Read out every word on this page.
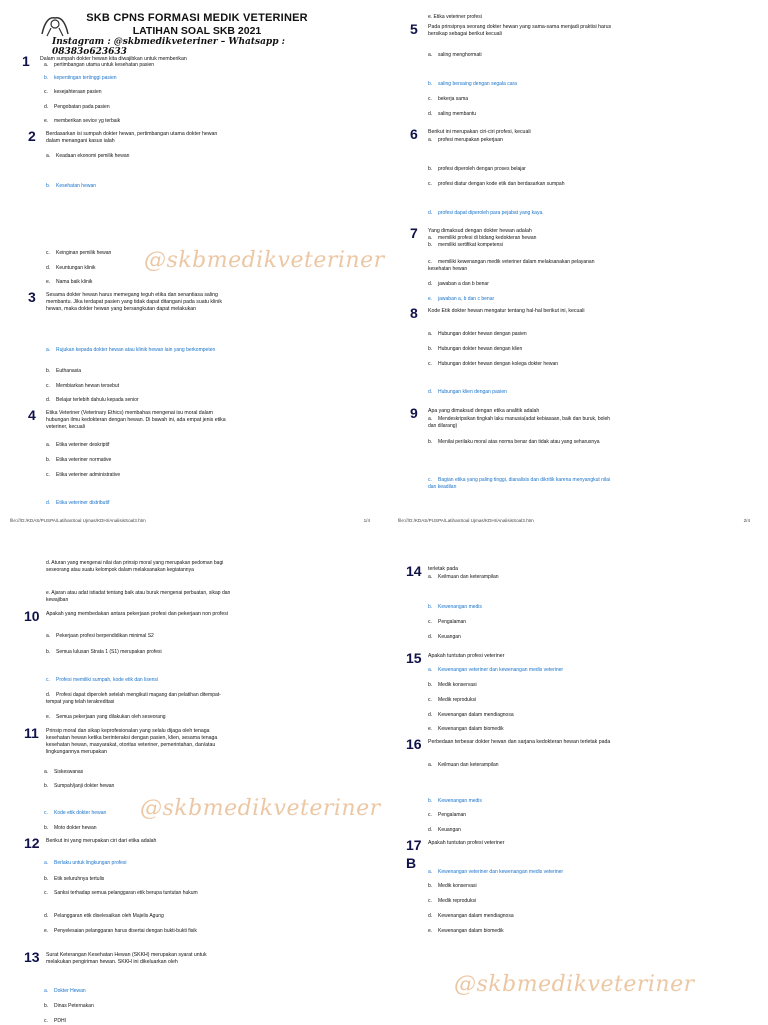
SKB CPNS FORMASI MEDIK VETERINER
LATIHAN SOAL SKB 2021
Instagram : @skbmedikveteriner – Whatsapp : 08383o623633
1 Dalam sumpah dokter hewan kita diwajibkan untuk memberikan
a. pertimbangan utama untuk kesehatan pasien
b. kepentingan tertinggi pasien
c. kesejahteraan pasien
d. Pengobatan pada pasien
e. memberikan sevice yg terbaik
2 Berdasarkan isi sumpah dokter hewan, pertimbangan utama dokter hewan dalam menangani kasus ialah
a. Keadaan ekonomi pemilik hewan
b. Kesehatan hewan
c. Keinginan pemilik hewan
d. Keuntungan klinik
e. Nama baik klinik
3 Sesama dokter hewan harus memegang teguh etika dan senantiasa saling membantu. Jika terdapat pasien yang tidak dapat ditangani pada suatu klinik hewan, maka dokter hewan yang bersangkutan dapat melakukan
a. Rujukan kepada dokter hewan atau klinik hewan lain yang berkompeten
b. Euthanasia
c. Membiarkan hewan tersebut
d. Belajar terlebih dahulu kepada senior
4 Etika Veteriner (Veterinary Ethics) membahas mengenai isu moral dalam hubungan ilmu kedokteran dengan hewan. Di bawah ini, ada empat jenis etika veteriner, kecuali
a. Etika veteriner deskriptif
b. Etika veteriner normative
c. Etika veteriner administrative
d. Etika veteriner distributif
e. Etika veteriner profesi
5 Pada prinsipnya seorang dokter hewan yang sama-sama menjadi praktisi harus bersikap sebagai berikut kecuali
a. saling menghormati
b. saling bersaing dengan segala cara
c. bekerja sama
d. saling membantu
6 Berikut ini merupakan ciri-ciri profesi, kecuali
a. profesi merupakan pekerjaan
b. profesi diperoleh dengan proses belajar
c. profesi diatur dengan kode etik dan berdasarkan sumpah
d. profesi dapat diperoleh para pejabat yang kaya.
7 Yang dimaksud dengan dokter hewan adalah
a. memiliki profesi di bidang kedokteran hewan
b. memiliki sertifikat kompetensi
c. memiliki kewenangan medik veteriner dalam melaksanakan pelayanan kesehatan hewan
d. jawaban a dan b benar
e. jawaban a, b dan c benar
8 Kode Etik dokter hewan mengatur tentang hal-hal berikut ini, kecuali
a. Hubungan dokter hewan dengan pasien
b. Hubungan dokter hewan dengan klien
c. Hubungan dokter hewan dengan kolega dokter hewan
d. Hubungan klien dengan pasien
9 Apa yang dimaksud dengan etika analitik adalah
a. Mendeskripsikan tingkah laku manusia(adat kebiasaan, baik dan buruk, boleh dan dilarang)
b. Menilai perilaku moral atas norma benar dan tidak atau yang seharusnya
c. Bagian etika yang paling tinggi, dianalisis dan dikritik karena menyangkut nilai dan keadilan
file:///D:/KDAS/PUSPA/LatihanSoal Ujmas/KDHI/AnalisisSoal3.htm	1/4	file:///D:/KDAS/PUSPA/LatihanSoal Ujmas/KDHI/AnalisisSoal3.htm	2/4
d. Aturan yang mengenai nilai dan prinsip moral yang merupakan pedoman bagi seseorang atau suatu kelompok dalam melaksanakan kegiatannya
e. Ajaran atau adat istiadat tentang baik atau buruk mengenai perbuatan, sikap dan kewajiban
10 Apakah yang membedakan antara pekerjaan profesi dan pekerjaan non profesi
a. Pekerjaan profesi berpendidikan minimal S2
b. Semua lulusan Strata 1 (S1) merupakan profesi
c. Profesi memiliki sumpah, kode etik dan lisensi
d. Profesi dapat diperoleh setelah mengikuti magang dan pelatihan ditempat-tempat yang telah terakreditasi
e. Semua pekerjaan yang dilakukan oleh seseorang
11 Prinsip moral dan sikap keprofesionalan yang selalu dijaga oleh tenaga kesehatan hewan ketika berinteraksi dengan pasien, klien, sesama tenaga kesehatan hewan, masyarakat, otoritas veteriner, pemerintahan, dan/atau lingkungannya merupakan
a. Siskeswanas
b. Sumpah/janji dokter hewan
c. Kode etik dokter hewan
b. Moto dokter hewan
12 Berikut ini yang merupakan ciri dari etika adalah
a. Berlaku untuk lingkungan profesi
b. Etik seluruhnya tertulis
c. Sanksi terhadap semua pelanggaran etik berupa tuntutan hukum
d. Pelanggaran etik diselesaikan oleh Majelis Agung
e. Penyelesaian pelanggaran harus disertai dengan bukti-bukti fisik
13 Surat Keterangan Kesehatan Hewan (SKKH) merupakan syarat untuk melakukan pengiriman hewan. SKKH ini dikeluarkan oleh
a. Dokter Hewan
b. Dinas Peternakan
c. PDHI
14 terletak pada
a. Keilmuan dan keterampilan
b. Kewenangan medis
c. Pengalaman
d. Keuangan
15 Apakah tuntutan profesi veteriner
a. Kewenangan veteriner dan kewenangan medis veteriner
b. Medik konservasi
c. Medik reproduksi
d. Kewenangan dalam mendiagnosa
e. Kewenangan dalam biomedik
16 Perbedaan terbesar dokter hewan dan sarjana kedokteran hewan terletak pada
a. Keilmuan dan keterampilan
b. Kewenangan medis
c. Pengalaman
d. Keuangan
17 Apakah tuntutan profesi veteriner
B
a. Kewenangan veteriner dan kewenangan medis veteriner
b. Medik konservasi
c. Medik reproduksi
d. Kewenangan dalam mendiagnosa
e. Kewenangan dalam biomedik
@skbmedikveteriner
@skbmedikveteriner
@skbmedikveteriner
